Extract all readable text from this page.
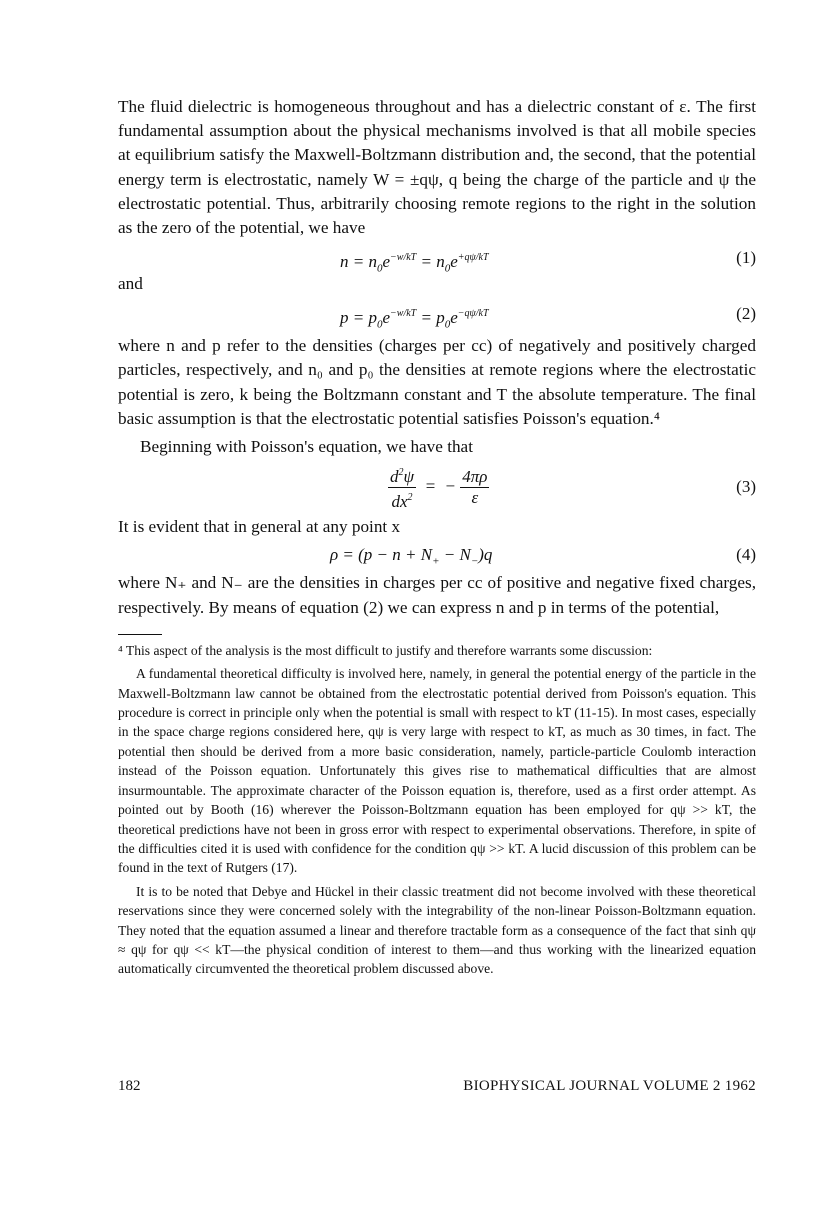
The fluid dielectric is homogeneous throughout and has a dielectric constant of ε. The first fundamental assumption about the physical mechanisms involved is that all mobile species at equilibrium satisfy the Maxwell-Boltzmann distribution and, the second, that the potential energy term is electrostatic, namely W = ±qψ, q being the charge of the particle and ψ the electrostatic potential. Thus, arbitrarily choosing remote regions to the right in the solution as the zero of the potential, we have

$n = n_0e^{-w/kT} = n_0e^{+q\psi/kT}$	(1)

and

$p = p_0e^{-w/kT} = p_0e^{-q\psi/kT}$	(2)

where n and p refer to the densities (charges per cc) of negatively and positively charged particles, respectively, and n₀ and p₀ the densities at remote regions where the electrostatic potential is zero, k being the Boltzmann constant and T the absolute temperature. The final basic assumption is that the electrostatic potential satisfies Poisson's equation.⁴

Beginning with Poisson's equation, we have that

$\frac{d^2\psi}{dx^2}$ =  − $\frac{4\pi\rho}{\varepsilon}$	(3)

It is evident that in general at any point x

$\rho = (p - n + N_+ - N_-)q$	(4)

where N₊ and N₋ are the densities in charges per cc of positive and negative fixed charges, respectively. By means of equation (2) we can express n and p in terms of the potential,

⁴ This aspect of the analysis is the most difficult to justify and therefore warrants some discussion:

A fundamental theoretical difficulty is involved here, namely, in general the potential energy of the particle in the Maxwell-Boltzmann law cannot be obtained from the electrostatic potential derived from Poisson's equation. This procedure is correct in principle only when the potential is small with respect to kT (11-15). In most cases, especially in the space charge regions considered here, qψ is very large with respect to kT, as much as 30 times, in fact. The potential then should be derived from a more basic consideration, namely, particle-particle Coulomb interaction instead of the Poisson equation. Unfortunately this gives rise to mathematical difficulties that are almost insurmountable. The approximate character of the Poisson equation is, therefore, used as a first order attempt. As pointed out by Booth (16) wherever the Poisson-Boltzmann equation has been employed for qψ >> kT, the theoretical predictions have not been in gross error with respect to experimental observations. Therefore, in spite of the difficulties cited it is used with confidence for the condition qψ >> kT. A lucid discussion of this problem can be found in the text of Rutgers (17).

It is to be noted that Debye and Hückel in their classic treatment did not become involved with these theoretical reservations since they were concerned solely with the integrability of the non-linear Poisson-Boltzmann equation. They noted that the equation assumed a linear and therefore tractable form as a consequence of the fact that sinh qψ ≈ qψ for qψ << kT—the physical condition of interest to them—and thus working with the linearized equation automatically circumvented the theoretical problem discussed above.

182	BIOPHYSICAL JOURNAL VOLUME 2 1962
